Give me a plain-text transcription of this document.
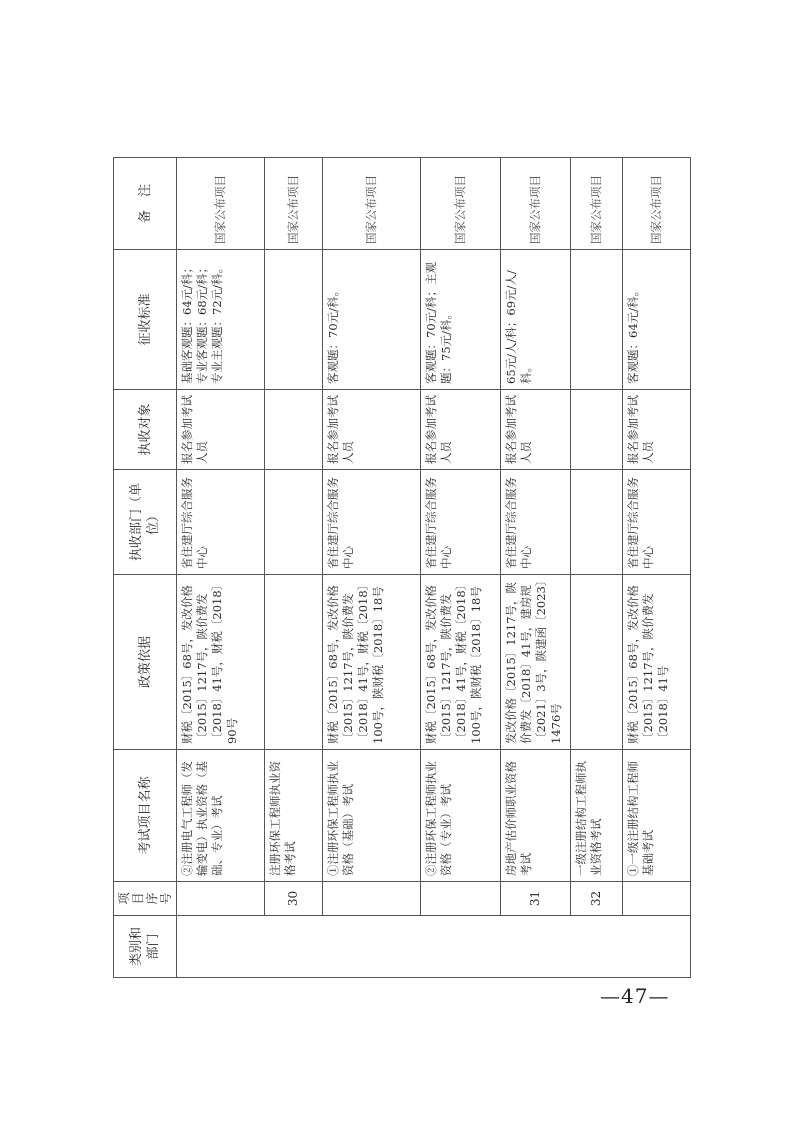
类别和部门	项目序号	考试项目名称	政策依据	执收部门（单位）	执收对象	征收标准	备　注
		②注册电气工程师（发输变电）执业资格（基础、专业）考试	财税〔2015〕68号，发改价格〔2015〕1217号，陕价费发〔2018〕41号，财税〔2018〕90号	省住建厅综合服务中心	报名参加考试人员	基础客观题：64元/科；专业客观题：68元/科；专业主观题：72元/科。	国家公布项目
	30	注册环保工程师执业资格考试					国家公布项目
		①注册环保工程师执业资格（基础）考试	财税〔2015〕68号，发改价格〔2015〕1217号，陕价费发〔2018〕41号，财税〔2018〕100号，陕财税〔2018〕18号	省住建厅综合服务中心	报名参加考试人员	客观题：70元/科。	国家公布项目
		②注册环保工程师执业资格（专业）考试	财税〔2015〕68号，发改价格〔2015〕1217号，陕价费发〔2018〕41号，财税〔2018〕100号，陕财税〔2018〕18号	省住建厅综合服务中心	报名参加考试人员	客观题：70元/科；主观题：75元/科。	国家公布项目
	31	房地产估价师职业资格考试	发改价格〔2015〕1217号，陕价费发〔2018〕41号，建房规〔2021〕3号，陕建函〔2023〕1476号	省住建厅综合服务中心	报名参加考试人员	65元/人/科；69元/人/科。	国家公布项目
	32	一级注册结构工程师执业资格考试					国家公布项目
		①一级注册结构工程师基础考试	财税〔2015〕68号，发改价格〔2015〕1217号，陕价费发〔2018〕41号	省住建厅综合服务中心	报名参加考试人员	客观题：64元/科。	国家公布项目
—47—
